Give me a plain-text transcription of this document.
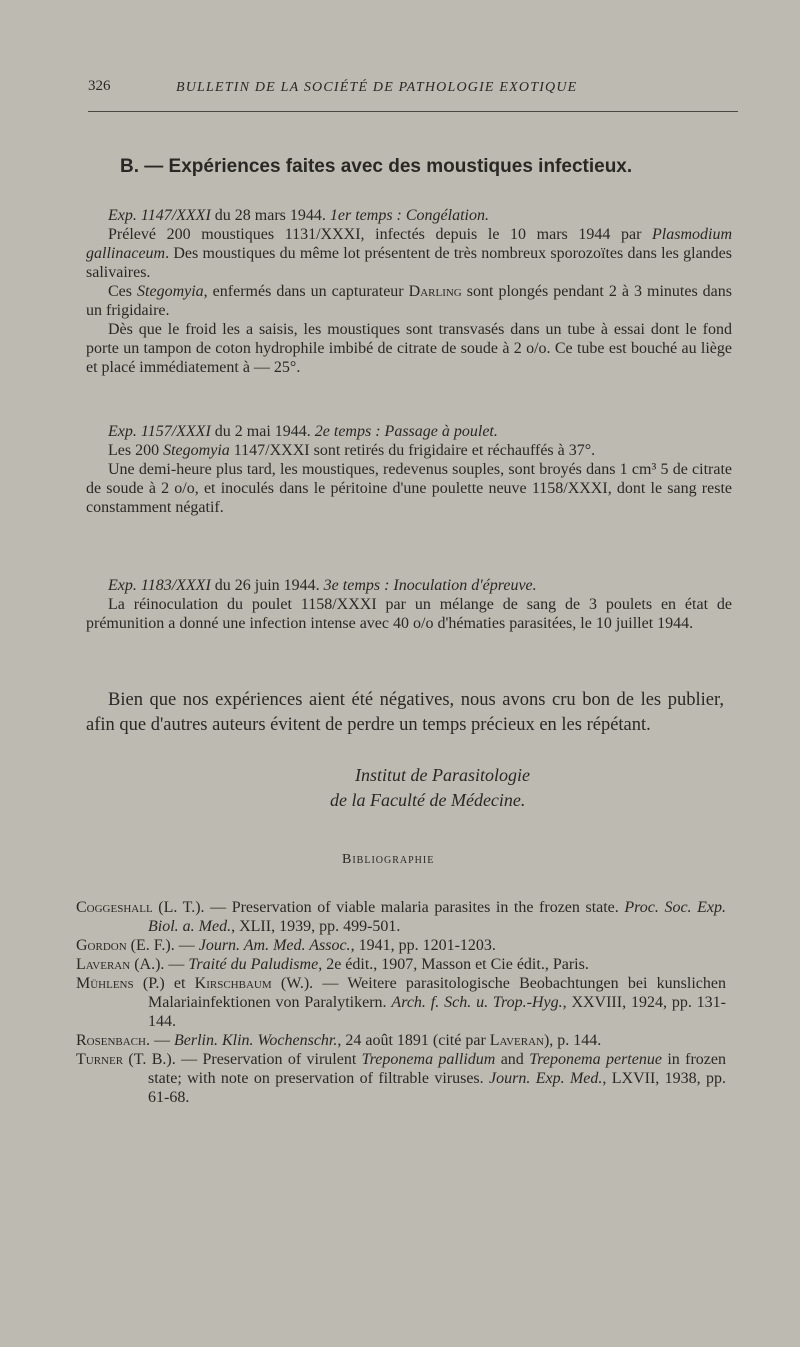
326	BULLETIN DE LA SOCIÉTÉ DE PATHOLOGIE EXOTIQUE
B. — Expériences faites avec des moustiques infectieux.

Exp. 1147/XXXI du 28 mars 1944. 1er temps : Congélation.

Prélevé 200 moustiques 1131/XXXI, infectés depuis le 10 mars 1944 par Plasmodium gallinaceum. Des moustiques du même lot présentent de très nombreux sporozoïtes dans les glandes salivaires.

Ces Stegomyia, enfermés dans un capturateur Darling sont plongés pendant 2 à 3 minutes dans un frigidaire.

Dès que le froid les a saisis, les moustiques sont transvasés dans un tube à essai dont le fond porte un tampon de coton hydrophile imbibé de citrate de soude à 2 o/o. Ce tube est bouché au liège et placé immédiatement à — 25°.

Exp. 1157/XXXI du 2 mai 1944. 2e temps : Passage à poulet.

Les 200 Stegomyia 1147/XXXI sont retirés du frigidaire et réchauffés à 37°.

Une demi-heure plus tard, les moustiques, redevenus souples, sont broyés dans 1 cm³ 5 de citrate de soude à 2 o/o, et inoculés dans le péritoine d'une poulette neuve 1158/XXXI, dont le sang reste constamment négatif.

Exp. 1183/XXXI du 26 juin 1944. 3e temps : Inoculation d'épreuve.

La réinoculation du poulet 1158/XXXI par un mélange de sang de 3 poulets en état de prémunition a donné une infection intense avec 40 o/o d'hématies parasitées, le 10 juillet 1944.

Bien que nos expériences aient été négatives, nous avons cru bon de les publier, afin que d'autres auteurs évitent de perdre un temps précieux en les répétant.

Institut de Parasitologie
de la Faculté de Médecine.
Bibliographie

Coggeshall (L. T.). — Preservation of viable malaria parasites in the frozen state. Proc. Soc. Exp. Biol. a. Med., XLII, 1939, pp. 499-501.

Gordon (E. F.). — Journ. Am. Med. Assoc., 1941, pp. 1201-1203.

Laveran (A.). — Traité du Paludisme, 2e édit., 1907, Masson et Cie édit., Paris.

Mühlens (P.) et Kirschbaum (W.). — Weitere parasitologische Beobachtungen bei kunslichen Malariainfektionen von Paralytikern. Arch. f. Sch. u. Trop.-Hyg., XXVIII, 1924, pp. 131-144.

Rosenbach. — Berlin. Klin. Wochenschr., 24 août 1891 (cité par Laveran), p. 144.

Turner (T. B.). — Preservation of virulent Treponema pallidum and Treponema pertenue in frozen state; with note on preservation of filtrable viruses. Journ. Exp. Med., LXVII, 1938, pp. 61-68.
